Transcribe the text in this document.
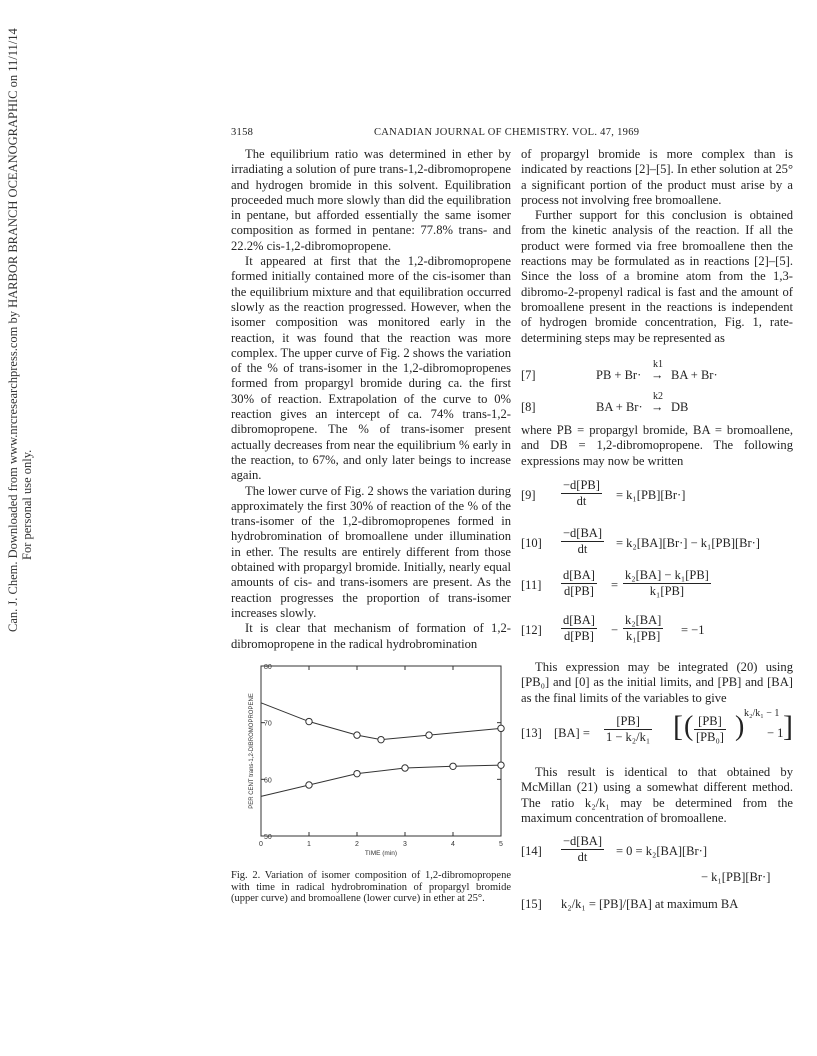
Can. J. Chem. Downloaded from www.nrcresearchpress.com by HARBOR BRANCH OCEANOGRAPHIC on 11/11/14 For personal use only.
3158	CANADIAN JOURNAL OF CHEMISTRY. VOL. 47, 1969

The equilibrium ratio was determined in ether by irradiating a solution of pure trans-1,2-dibromopropene and hydrogen bromide in this solvent. Equilibration proceeded much more slowly than did the equilibration in pentane, but afforded essentially the same isomer composition as formed in pentane: 77.8% trans- and 22.2% cis-1,2-dibromopropene.

It appeared at first that the 1,2-dibromopropene formed initially contained more of the cis-isomer than the equilibrium mixture and that equilibration occurred slowly as the reaction progressed. However, when the isomer composition was monitored early in the reaction, it was found that the reaction was more complex. The upper curve of Fig. 2 shows the variation of the % of trans-isomer in the 1,2-dibromopropenes formed from propargyl bromide during ca. the first 30% of reaction. Extrapolation of the curve to 0% reaction gives an intercept of ca. 74% trans-1,2-dibromopropene. The % of trans-isomer present actually decreases from near the equilibrium % early in the reaction, to 67%, and only later beings to increase again.

The lower curve of Fig. 2 shows the variation during approximately the first 30% of reaction of the % of the trans-isomer of the 1,2-dibromopropenes formed in hydrobromination of bromoallene under illumination in ether. The results are entirely different from those obtained with propargyl bromide. Initially, nearly equal amounts of cis- and trans-isomers are present. As the reaction progresses the proportion of trans-isomer increases slowly.

It is clear that mechanism of formation of 1,2-dibromopropene in the radical hydrobromination

0	1	2	3	4	5
50
60
70
80
TIME (min)
PER CENT trans-1,2-DIBROMOPROPENE
Fig. 2. Variation of isomer composition of 1,2-dibromopropene with time in radical hydrobromination of propargyl bromide (upper curve) and bromoallene (lower curve) in ether at 25°.

of propargyl bromide is more complex than is indicated by reactions [2]–[5]. In ether solution at 25° a significant portion of the product must arise by a process not involving free bromoallene.

Further support for this conclusion is obtained from the kinetic analysis of the reaction. If all the product were formed via free bromoallene then the reactions may be formulated as in reactions [2]–[5]. Since the loss of a bromine atom from the 1,3-dibromo-2-propenyl radical is fast and the amount of bromoallene present in the reactions is independent of hydrogen bromide concentration, Fig. 1, rate-determining steps may be represented as

[7]	PB + Br·
k1
→ BA + Br·
[8]	BA + Br·
k2
→ DB

where PB = propargyl bromide, BA = bromoallene, and DB = 1,2-dibromopropene. The following expressions may now be written

$[9] \frac{-d[PB]}{dt} = k_1[PB][Br\cdot]$
$[10] \frac{-d[BA]}{dt} = k_2[BA][Br\cdot] - k_1[PB][Br\cdot]$
$[11] \frac{d[BA]}{d[PB]} = \frac{\text{k₂[BA] − k₁[PB]}}{\text{k₁[PB]}}$
$[12] \frac{d[BA]}{d[PB]} - \frac{\text{k₂[BA]}}{\text{k₁[PB]}} = -1$

This expression may be integrated (20) using [PB₀] and [0] as the initial limits, and [PB] and [BA] as the final limits of the variables to give

[13] $[BA] = \frac{[PB]}{\text{1 − k₂/k₁}}$ [ ( $\frac{[PB]}{\text{[PB₀]}}$ ) k₂/k₁ − 1
− 1 ]

This result is identical to that obtained by McMillan (21) using a somewhat different method. The ratio k₂/k₁ may be determined from the maximum concentration of bromoallene.

$[14] \frac{-d[BA]}{dt} = 0 = k_2[BA][Br\cdot]$
− k₁[PB][Br·]
[15] k₂/k₁ = [PB]/[BA] at maximum BA
